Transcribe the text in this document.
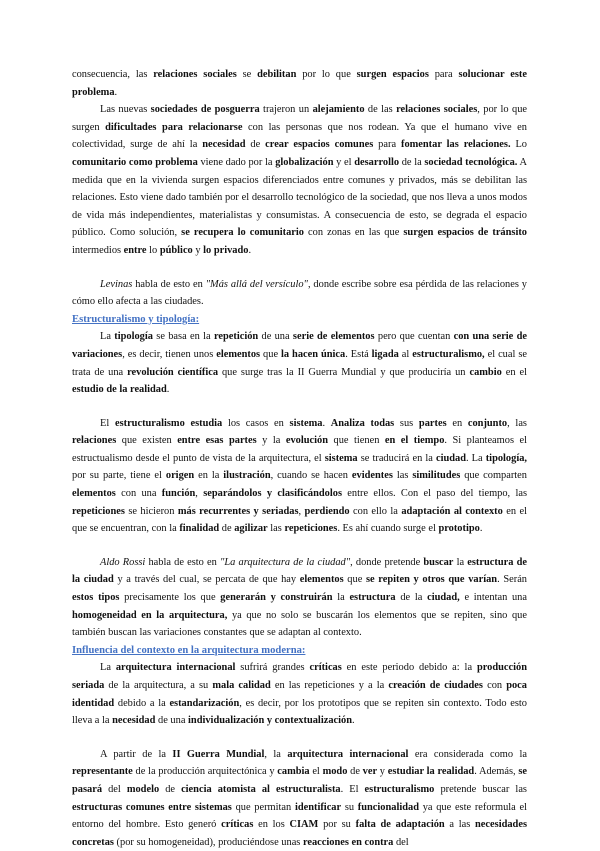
consecuencia, las relaciones sociales se debilitan por lo que surgen espacios para solucionar este problema.

Las nuevas sociedades de posguerra trajeron un alejamiento de las relaciones sociales, por lo que surgen dificultades para relacionarse con las personas que nos rodean. Ya que el humano vive en colectividad, surge de ahí la necesidad de crear espacios comunes para fomentar las relaciones. Lo comunitario como problema viene dado por la globalización y el desarrollo de la sociedad tecnológica. A medida que en la vivienda surgen espacios diferenciados entre comunes y privados, más se debilitan las relaciones. Esto viene dado también por el desarrollo tecnológico de la sociedad, que nos lleva a unos modos de vida más independientes, materialistas y consumistas. A consecuencia de esto, se degrada el espacio público. Como solución, se recupera lo comunitario con zonas en las que surgen espacios de tránsito intermedios entre lo público y lo privado.

Levinas habla de esto en "Más allá del versículo", donde escribe sobre esa pérdida de las relaciones y cómo ello afecta a las ciudades.

Estructuralismo y tipología:

La tipología se basa en la repetición de una serie de elementos pero que cuentan con una serie de variaciones, es decir, tienen unos elementos que la hacen única. Está ligada al estructuralismo, el cual se trata de una revolución científica que surge tras la II Guerra Mundial y que produciría un cambio en el estudio de la realidad.

El estructuralismo estudia los casos en sistema. Analiza todas sus partes en conjunto, las relaciones que existen entre esas partes y la evolución que tienen en el tiempo. Si planteamos el estructualismo desde el punto de vista de la arquitectura, el sistema se traducirá en la ciudad. La tipología, por su parte, tiene el origen en la ilustración, cuando se hacen evidentes las similitudes que comparten elementos con una función, separándolos y clasificándolos entre ellos. Con el paso del tiempo, las repeticiones se hicieron más recurrentes y seriadas, perdiendo con ello la adaptación al contexto en el que se encuentran, con la finalidad de agilizar las repeticiones. Es ahí cuando surge el prototipo.

Aldo Rossi habla de esto en "La arquitectura de la ciudad", donde pretende buscar la estructura de la ciudad y a través del cual, se percata de que hay elementos que se repiten y otros que varían. Serán estos tipos precisamente los que generarán y construirán la estructura de la ciudad, e intentan una homogeneidad en la arquitectura, ya que no solo se buscarán los elementos que se repiten, sino que también buscan las variaciones constantes que se adaptan al contexto.

Influencia del contexto en la arquitectura moderna:

La arquitectura internacional sufrirá grandes críticas en este periodo debido a: la producción seriada de la arquitectura, a su mala calidad en las repeticiones y a la creación de ciudades con poca identidad debido a la estandarización, es decir, por los prototipos que se repiten sin contexto. Todo esto lleva a la necesidad de una individualización y contextualización.

A partir de la II Guerra Mundial, la arquitectura internacional era considerada como la representante de la producción arquitectónica y cambia el modo de ver y estudiar la realidad. Además, se pasará del modelo de ciencia atomista al estructuralista. El estructuralismo pretende buscar las estructuras comunes entre sistemas que permitan identificar su funcionalidad ya que este reformula el entorno del hombre. Esto generó críticas en los CIAM por su falta de adaptación a las necesidades concretas (por su homogeneidad), produciéndose unas reacciones en contra del
